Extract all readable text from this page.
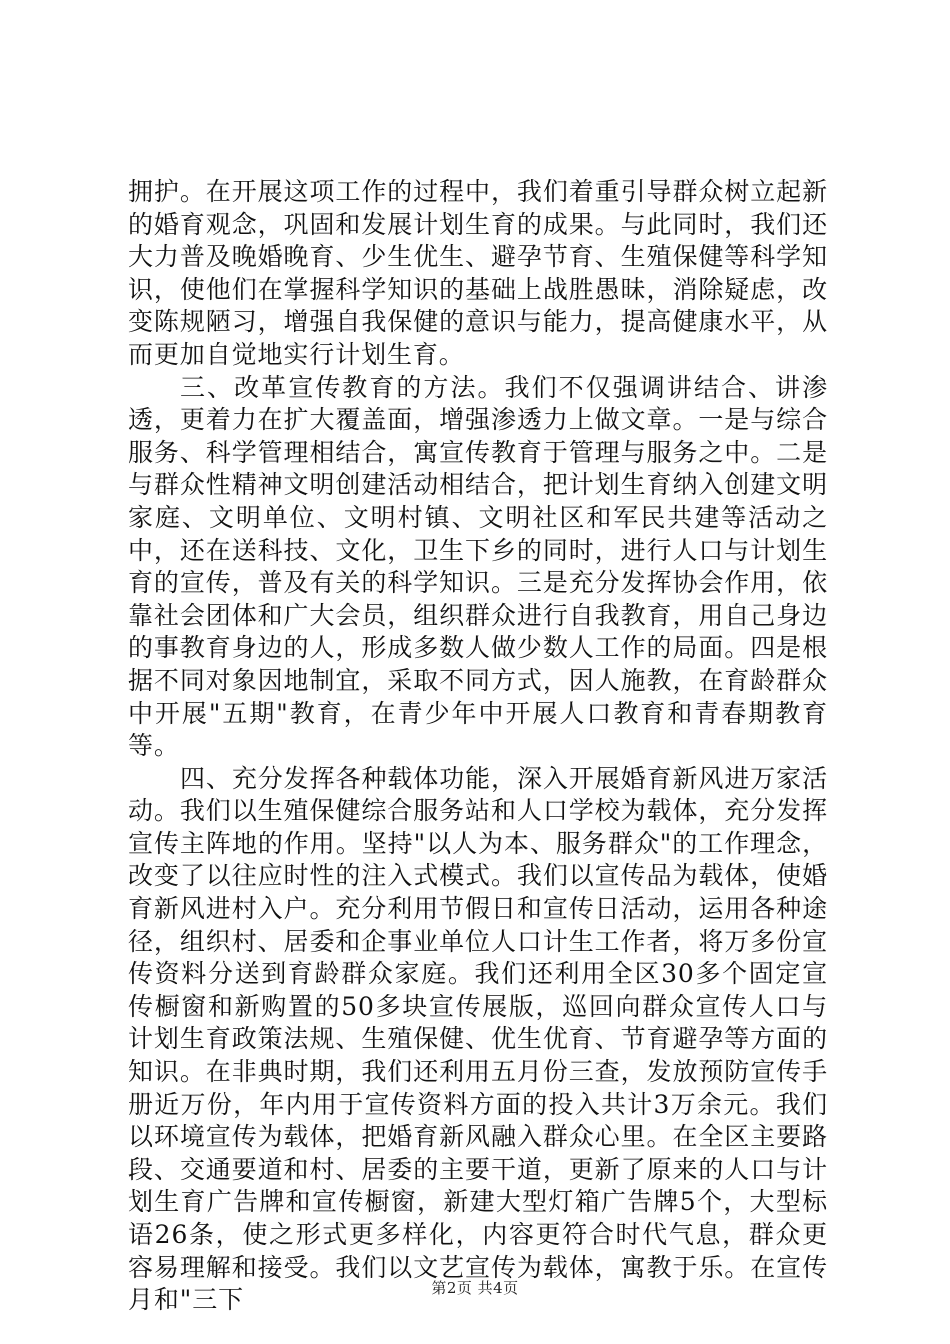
拥护。在开展这项工作的过程中，我们着重引导群众树立起新的婚育观念，巩固和发展计划生育的成果。与此同时，我们还大力普及晚婚晚育、少生优生、避孕节育、生殖保健等科学知识，使他们在掌握科学知识的基础上战胜愚昧，消除疑虑，改变陈规陋习，增强自我保健的意识与能力，提高健康水平，从而更加自觉地实行计划生育。

三、改革宣传教育的方法。我们不仅强调讲结合、讲渗透，更着力在扩大覆盖面，增强渗透力上做文章。一是与综合服务、科学管理相结合，寓宣传教育于管理与服务之中。二是与群众性精神文明创建活动相结合，把计划生育纳入创建文明家庭、文明单位、文明村镇、文明社区和军民共建等活动之中，还在送科技、文化，卫生下乡的同时，进行人口与计划生育的宣传，普及有关的科学知识。三是充分发挥协会作用，依靠社会团体和广大会员，组织群众进行自我教育，用自己身边的事教育身边的人，形成多数人做少数人工作的局面。四是根据不同对象因地制宜，采取不同方式，因人施教，在育龄群众中开展"五期"教育，在青少年中开展人口教育和青春期教育等。

四、充分发挥各种载体功能，深入开展婚育新风进万家活动。我们以生殖保健综合服务站和人口学校为载体，充分发挥宣传主阵地的作用。坚持"以人为本、服务群众"的工作理念，改变了以往应时性的注入式模式。我们以宣传品为载体，使婚育新风进村入户。充分利用节假日和宣传日活动，运用各种途径，组织村、居委和企事业单位人口计生工作者，将万多份宣传资料分送到育龄群众家庭。我们还利用全区30多个固定宣传橱窗和新购置的50多块宣传展版，巡回向群众宣传人口与计划生育政策法规、生殖保健、优生优育、节育避孕等方面的知识。在非典时期，我们还利用五月份三查，发放预防宣传手册近万份，年内用于宣传资料方面的投入共计3万余元。我们以环境宣传为载体，把婚育新风融入群众心里。在全区主要路段、交通要道和村、居委的主要干道，更新了原来的人口与计划生育广告牌和宣传橱窗，新建大型灯箱广告牌5个，大型标语26条，使之形式更多样化，内容更符合时代气息，群众更容易理解和接受。我们以文艺宣传为载体，寓教于乐。在宣传月和"三下	第2页 共4页
